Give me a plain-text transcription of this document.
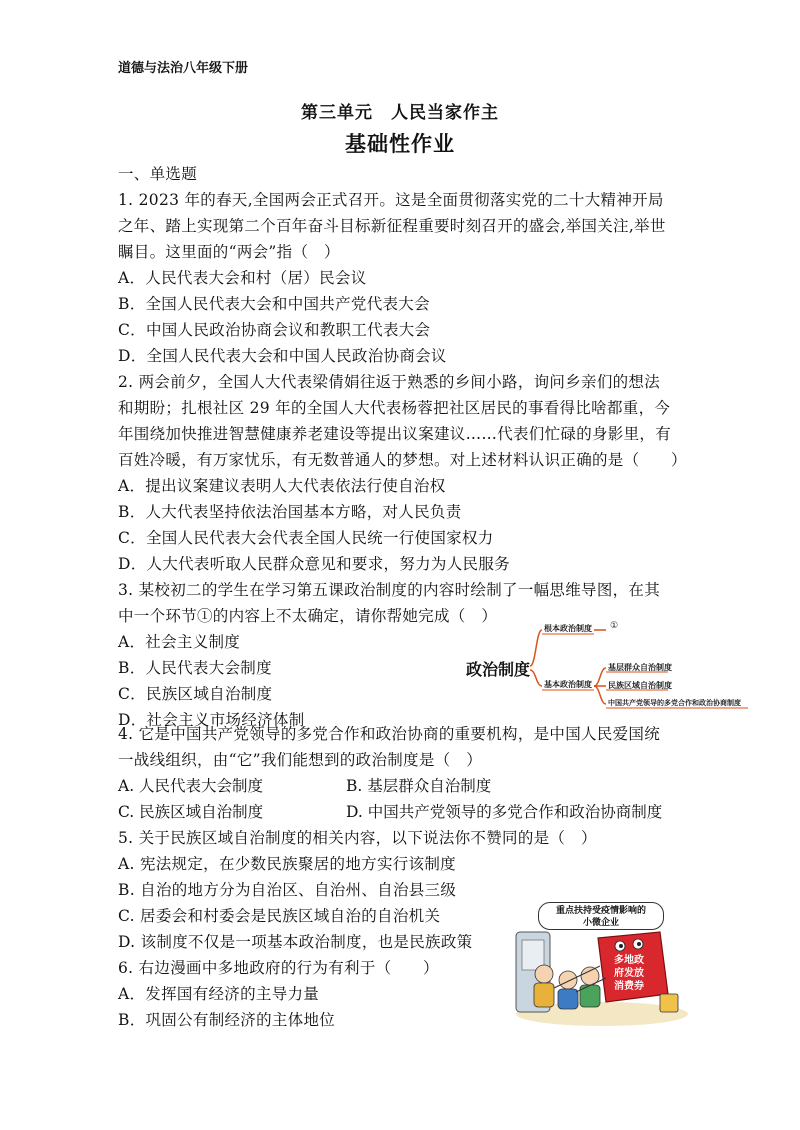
道德与法治八年级下册
第三单元　人民当家作主
基础性作业
一、单选题
1. 2023 年的春天,全国两会正式召开。这是全面贯彻落实党的二十大精神开局
之年、踏上实现第二个百年奋斗目标新征程重要时刻召开的盛会,举国关注,举世
瞩目。这里面的“两会”指（　）
A．人民代表大会和村（居）民会议
B．全国人民代表大会和中国共产党代表大会
C．中国人民政治协商会议和教职工代表大会
D．全国人民代表大会和中国人民政治协商会议
2. 两会前夕，全国人大代表梁倩娟往返于熟悉的乡间小路，询问乡亲们的想法
和期盼；扎根社区 29 年的全国人大代表杨蓉把社区居民的事看得比啥都重，今
年围绕加快推进智慧健康养老建设等提出议案建议……代表们忙碌的身影里，有
百姓冷暖，有万家忧乐，有无数普通人的梦想。对上述材料认识正确的是（　　）
A．提出议案建议表明人大代表依法行使自治权
B．人大代表坚持依法治国基本方略，对人民负责
C．全国人民代表大会代表全国人民统一行使国家权力
D．人大代表听取人民群众意见和要求，努力为人民服务
3. 某校初二的学生在学习第五课政治制度的内容时绘制了一幅思维导图，在其
中一个环节①的内容上不太确定，请你帮她完成（　）
A．社会主义制度
B．人民代表大会制度
C．民族区域自治制度
D．社会主义市场经济体制
政治制度
根本政治制度 ①
基本政治制度
基层群众自治制度
民族区域自治制度
中国共产党领导的多党合作和政治协商制度
4. 它是中国共产党领导的多党合作和政治协商的重要机构，是中国人民爱国统
一战线组织，由“它”我们能想到的政治制度是（　）
A. 人民代表大会制度	B. 基层群众自治制度
C. 民族区域自治制度	D. 中国共产党领导的多党合作和政治协商制度
5. 关于民族区域自治制度的相关内容，以下说法你不赞同的是（　）
A. 宪法规定，在少数民族聚居的地方实行该制度
B. 自治的地方分为自治区、自治州、自治县三级
C. 居委会和村委会是民族区域自治的自治机关
D. 该制度不仅是一项基本政治制度，也是民族政策
6. 右边漫画中多地政府的行为有利于（　　）
A．发挥国有经济的主导力量
B．巩固公有制经济的主体地位
重点扶持受疫情影响的
小微企业
多地政
府发放
消费券
